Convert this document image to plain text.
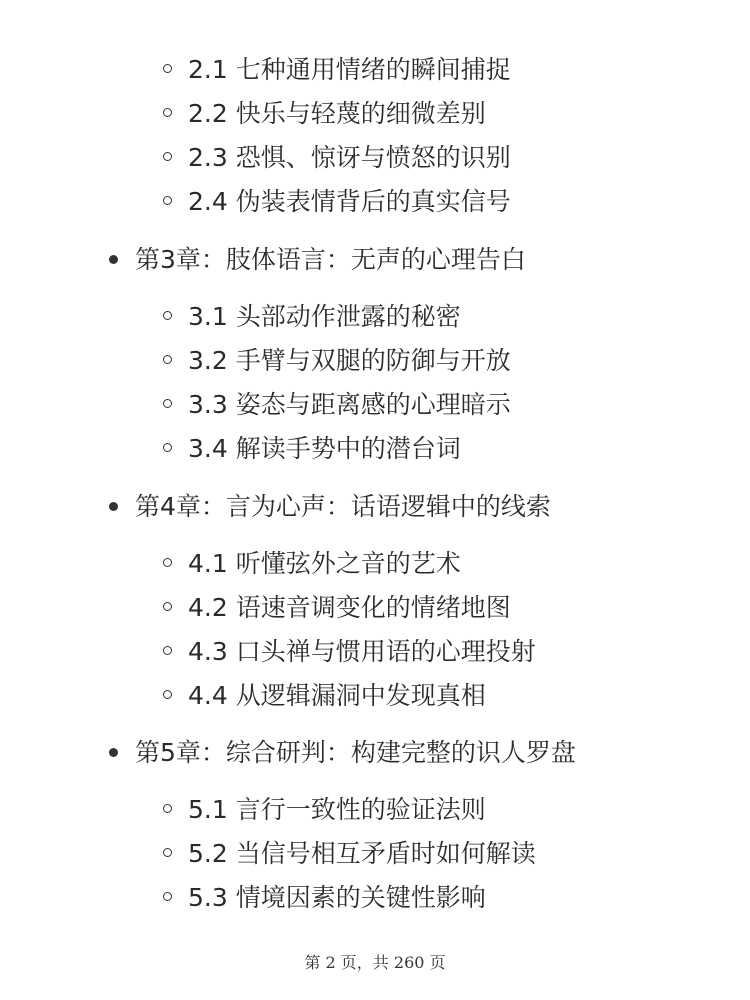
2.1 七种通用情绪的瞬间捕捉
2.2 快乐与轻蔑的细微差别
2.3 恐惧、惊讶与愤怒的识别
2.4 伪装表情背后的真实信号
第3章：肢体语言：无声的心理告白
3.1 头部动作泄露的秘密
3.2 手臂与双腿的防御与开放
3.3 姿态与距离感的心理暗示
3.4 解读手势中的潜台词
第4章：言为心声：话语逻辑中的线索
4.1 听懂弦外之音的艺术
4.2 语速音调变化的情绪地图
4.3 口头禅与惯用语的心理投射
4.4 从逻辑漏洞中发现真相
第5章：综合研判：构建完整的识人罗盘
5.1 言行一致性的验证法则
5.2 当信号相互矛盾时如何解读
5.3 情境因素的关键性影响
第 2 页，共 260 页
